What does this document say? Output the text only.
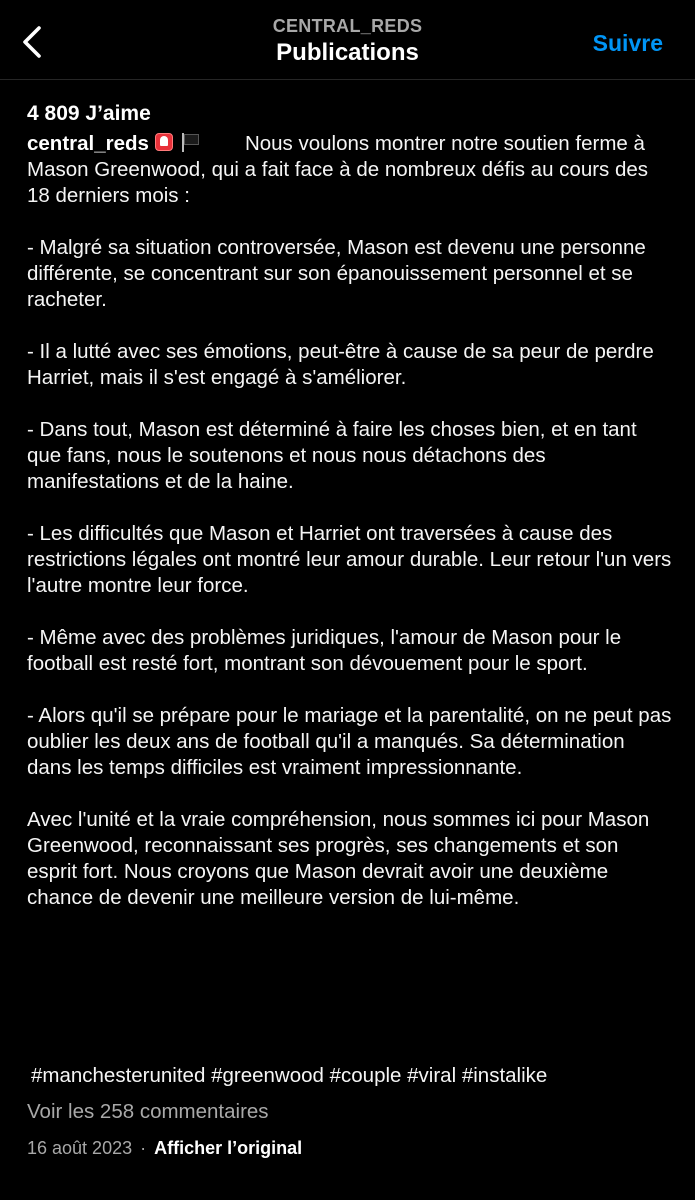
CENTRAL_REDS
Publications	Suivre
4 809 J’aime

central_reds	Nous voulons montrer notre soutien ferme à Mason Greenwood, qui a fait face à de nombreux défis au cours des 18 derniers mois :

- Malgré sa situation controversée, Mason est devenu une personne différente, se concentrant sur son épanouissement personnel et se racheter.

- Il a lutté avec ses émotions, peut-être à cause de sa peur de perdre Harriet, mais il s'est engagé à s'améliorer.

- Dans tout, Mason est déterminé à faire les choses bien, et en tant que fans, nous le soutenons et nous nous détachons des manifestations et de la haine.

- Les difficultés que Mason et Harriet ont traversées à cause des restrictions légales ont montré leur amour durable. Leur retour l'un vers l'autre montre leur force.

- Même avec des problèmes juridiques, l'amour de Mason pour le football est resté fort, montrant son dévouement pour le sport.

- Alors qu'il se prépare pour le mariage et la parentalité, on ne peut pas oublier les deux ans de football qu'il a manqués. Sa détermination dans les temps difficiles est vraiment impressionnante.

Avec l'unité et la vraie compréhension, nous sommes ici pour Mason Greenwood, reconnaissant ses progrès, ses changements et son esprit fort. Nous croyons que Mason devrait avoir une deuxième chance de devenir une meilleure version de lui-même.

#manchesterunited #greenwood #couple #viral #instalike
Voir les 258 commentaires
16 août 2023 · Afficher l’original
